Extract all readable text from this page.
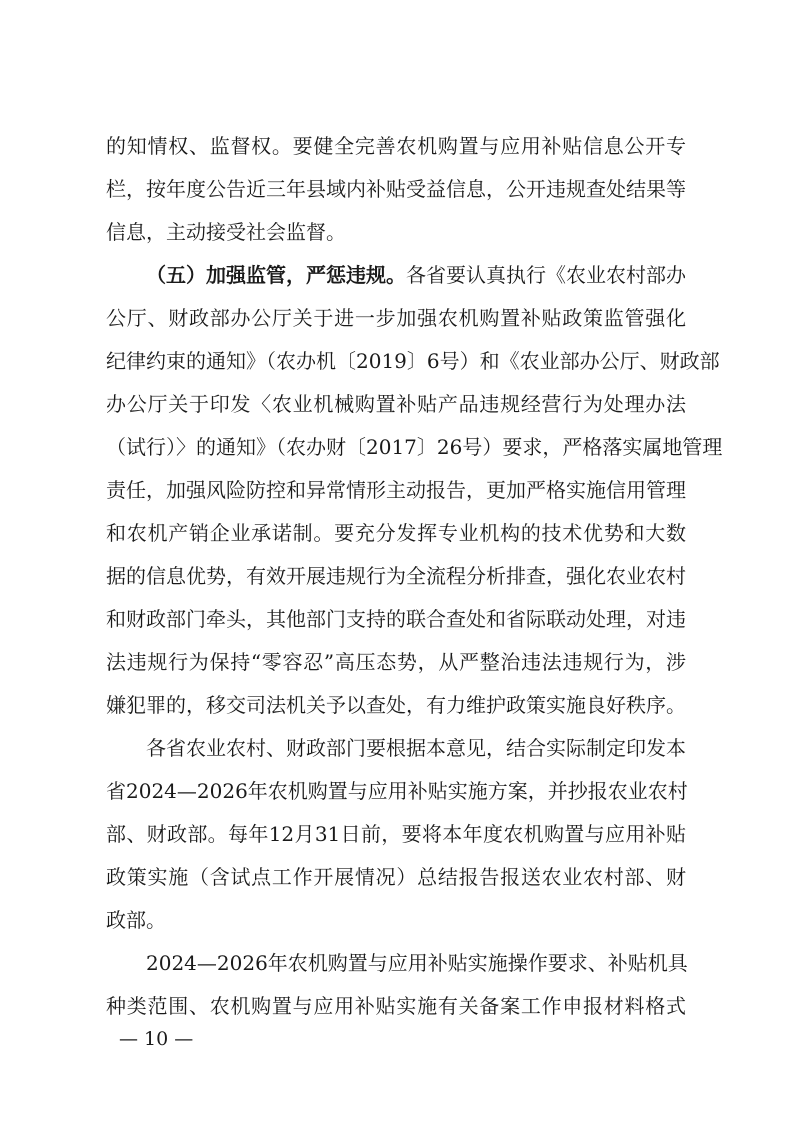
的知情权、监督权。要健全完善农机购置与应用补贴信息公开专
栏，按年度公告近三年县域内补贴受益信息，公开违规查处结果等
信息，主动接受社会监督。
（五）加强监管，严惩违规。各省要认真执行《农业农村部办
公厅、财政部办公厅关于进一步加强农机购置补贴政策监管强化
纪律约束的通知》（农办机〔2019〕6号）和《农业部办公厅、财政部
办公厅关于印发〈农业机械购置补贴产品违规经营行为处理办法
（试行）〉的通知》（农办财〔2017〕26号）要求，严格落实属地管理
责任，加强风险防控和异常情形主动报告，更加严格实施信用管理
和农机产销企业承诺制。要充分发挥专业机构的技术优势和大数
据的信息优势，有效开展违规行为全流程分析排查，强化农业农村
和财政部门牵头，其他部门支持的联合查处和省际联动处理，对违
法违规行为保持“零容忍”高压态势，从严整治违法违规行为，涉
嫌犯罪的，移交司法机关予以查处，有力维护政策实施良好秩序。
各省农业农村、财政部门要根据本意见，结合实际制定印发本
省2024—2026年农机购置与应用补贴实施方案，并抄报农业农村
部、财政部。每年12月31日前，要将本年度农机购置与应用补贴
政策实施（含试点工作开展情况）总结报告报送农业农村部、财
政部。
2024—2026年农机购置与应用补贴实施操作要求、补贴机具
种类范围、农机购置与应用补贴实施有关备案工作申报材料格式
— 10 —
